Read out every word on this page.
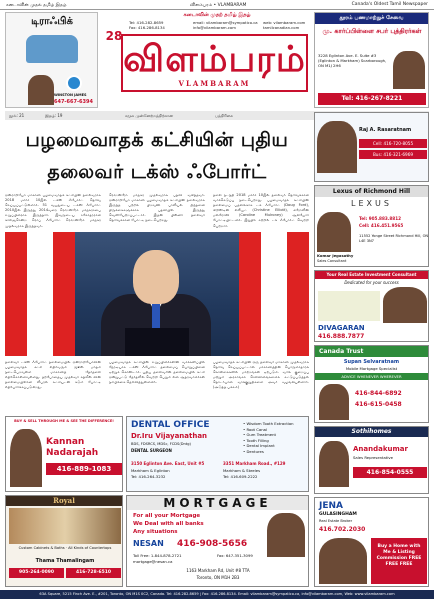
கனடாவின் முதல் தமிழ் இதழ்	விளம்பரம் • VLAMBARAM	Canada's Oldest Tamil Newspaper
டிராஃபிக்
WINSTON JAMES
647-667-6394
கனடாவின் முதற் தமிழ் இதழ்
28
Tel: 416-282-8659
Fax: 416-286-8134
email: vilambaram@sympatico.ca
info@vilambaram.com
web: vilambaram.com
tamilcanadian.com
விளம்பரம்
VLAMBARAM
தூரம் பணமாற்றுச் சேவை
மு. கார்ப்பிள்ளை சபர் புத்திரர்கள்
3228 Eglinton Ave. E. Suite #3 (Eglinton & Markham) Scarborough, ON M1J 2H6
Tel: 416-267-8221
நூல்: 21	இதழ்: 19	சமூக முன்னேற்றத்திற்கான	பத்திரிகை
பழமைவாதக் கட்சியின் புதிய
தலைவர் டக்ஸ் ஃபோர்ட்
ஒன்ராறியோ மாகாண பழமைவாதக் கட்சியின் தலைவராக 2018 மார்ச் 10இல் டக்ஸ் ஃபோர்ட் தெரிவு செய்யப்பட்டுள்ளார். 51 வயதுடைய டக்ஸ் ஃபோர்ட் 2010இல் இருந்து 2014வரை ரொறன்ரோ மாநகரசபை உறுப்பினராக இருந்தார். இவருடைய சகோதரரான காலஞ்சென்ற ரொப் ஃபோர்ட் ரொறன்ரோ மாநகர முதல்வராக இருந்தவர்.
ரொறன்ரோ மாநகர முதல்வராக பதவி வகித்தவர். ஒன்ராறியோ மாகாண பழமைவாதக் கட்சியின் தலைவராக இருந்த பற்றிக் பிறவுண் பாலியல் நிந்தனை திருக்கைகளுக்காக பதவியில் இருந்து வெளியேற்றப்பட்டார். இதன் பின்னர் தலைவர் தெரிவுக்கான போட்டி நடைபெற்றது.
தலை நடந்தி 2018 மார்ச் 10இல் தலைவர் தெரிவுக்கான வாக்கெடுப்பு நடைபெற்றது. பழமைவாதக் கட்சியின் தலைமைப் பதவிக்காக டக் ஃபோர்ட் (Doug Ford), கிறிஸ்டின் எலியட் (Christine Elliott), கரோலின் மல்ரோனி (Caroline Mulroney) ஆகியோர் போட்டியிட்டனர். இறுதிச் சுற்றில் டக் ஃபோர்ட் வெற்றி பெற்றார்.
தலைவர் டக்ஸ் ஃபோர்ட் தலைமையில் ஒன்ராறியோவின் பழமைவாதக் கட்சி எதிர்வரும் ஜூன் மாதம் நடைபெறவுள்ள மாகாணத் தேர்தலை எதிர்கொள்ளவுள்ளது. தற்போதைய முதல்வர் கத்லீன் வின் தலைமையிலான லிபரல் கட்சியுடன் கடும் போட்டி எதிர்பார்க்கப்படுகிறது.
பழமைவாதக் கட்சியின் உறுப்பினர்களின் வாக்களிப்பில் நேரடியாக டக்ஸ் ஃபோர்ட் தலைமைப் பொறுப்பினை ஏற்றுக் கொண்டார். புதிய தலைவரின் தலைமையில் கட்சி ஒன்றுபட்டு தேர்தலில் வெற்றி பெறும் என ஆதரவாளர்கள் நம்பிக்கை தெரிவித்துள்ளனர்.
பழமைவாதக் கட்சியின் ஒரு தலைவர் மாகாண முதல்வராக தெரிவு செய்யப்பட்டால் மாகாணத்தின் பொருளாதாரக் கொள்கைகளில் மாற்றங்கள் ஏற்படும். வரிக் குறைப்பு மற்றும் அரசாங்கச் செலவினங்களைக் கட்டுப்படுத்தல் தொடர்பான வாக்குறுதிகளை அவர் வழங்கியுள்ளார். (அடுத்த பக்கம்)
Raj A. Rasaratnam
Cell: 416-720-8055
Bus: 416-321-6969
Lexus of Richmond Hill
LEXUS
Komar Jegasothy
Sales Consultant
Tel: 905.883.8812
Cell: 416.451.9565
11552 Yonge Street Richmond Hill, ON L4E 3N7
Your Real Estate Investment Consultant
Dedicated for your success
DIVAGARAN
416.888.7877
Canada Trust
Supan Selvaratnam
Mobile Mortgage Specialist
ADVICE WHENEVER WHEREVER
416-844-6892
416-615-0458
BUY & SELL THROUGH ME & SEE THE DIFFERENCE!
Kannan Nadarajah
416-889-1083
Royal
Custom Cabinets & Baths · All Kinds of Countertops
Thama Thamalingam
905-264-0090	416-728-6510
DENTAL OFFICE
Dr.Iru Vijayanathan
BDS, FDSRCS, MDSc, FCDS(Dntg)
DENTAL SURGEON
• Wisdom Tooth Extraction
• Root Canal
• Gum Treatment
• Tooth Filling
• Dental Implant
• Dentures
3150 Eglinton Ave. East, Unit #5
Markham & Eglinton
Tel: 416-264-3232
3351 Markham Road., #129
Markham & Steeles
Tel: 416-609-2222
MORTGAGE
For all your Mortgage
We Deal with all banks
Any situations
NESAN	416-908-5656
Toll Free: 1-844-878-2721	Fax: 647-351-3099
mortgage@nesan.ca
1163 Markham Rd, Unit #8 TTA
Toronto, ON M1H 2B3
Sothihomes
Anandakumar
Sales Representative
416-854-0555
JENA
GULASINGHAM
Real Estate Broker
416.702.2030
Buy a Home with Me & Listing Commission FREE FREE FREE
63A Square, 5215 Finch Ave. E., #201, Toronto, ON M1S 0C2, Canada. Tel: 416.282.8659 | Fax: 416.286.8134. Email: vilambaram@sympatico.ca, info@vilambaram.com, Web: www.vilambaram.com
